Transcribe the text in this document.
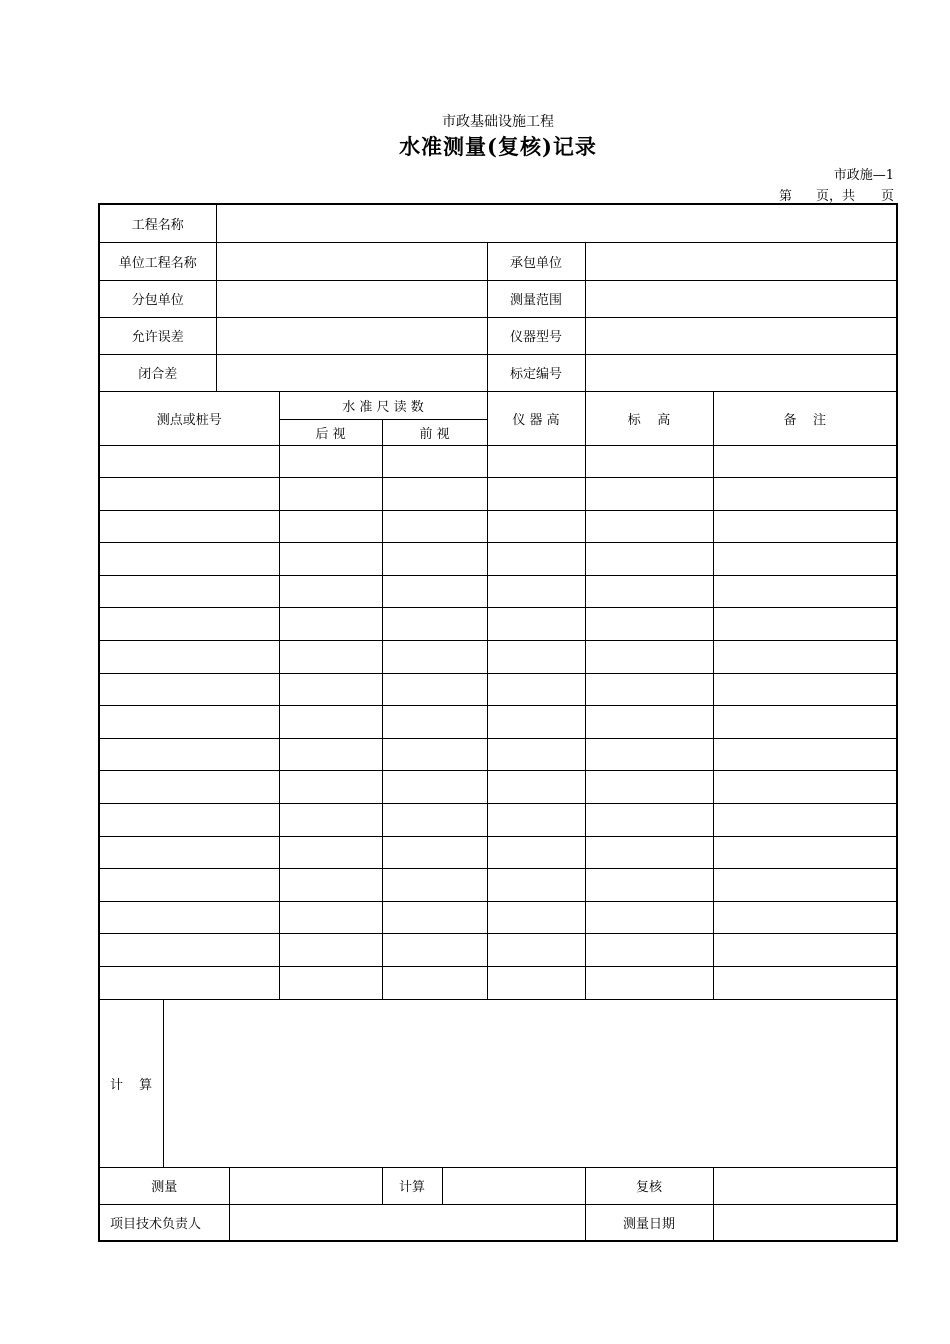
市政基础设施工程
水准测量(复核)记录
市政施—1
第 页，共 页
工程名称									
单位工程名称							承包单位		
分包单位							测量范围		
允许误差							仪器型号		
闭合差							标定编号		
测点或桩号				水 准 尺 读 数			仪 器 高	标    高	备    注
				后 视	前 视				

计 算									
测量					计算			复核	
项目技术负责人								测量日期	
